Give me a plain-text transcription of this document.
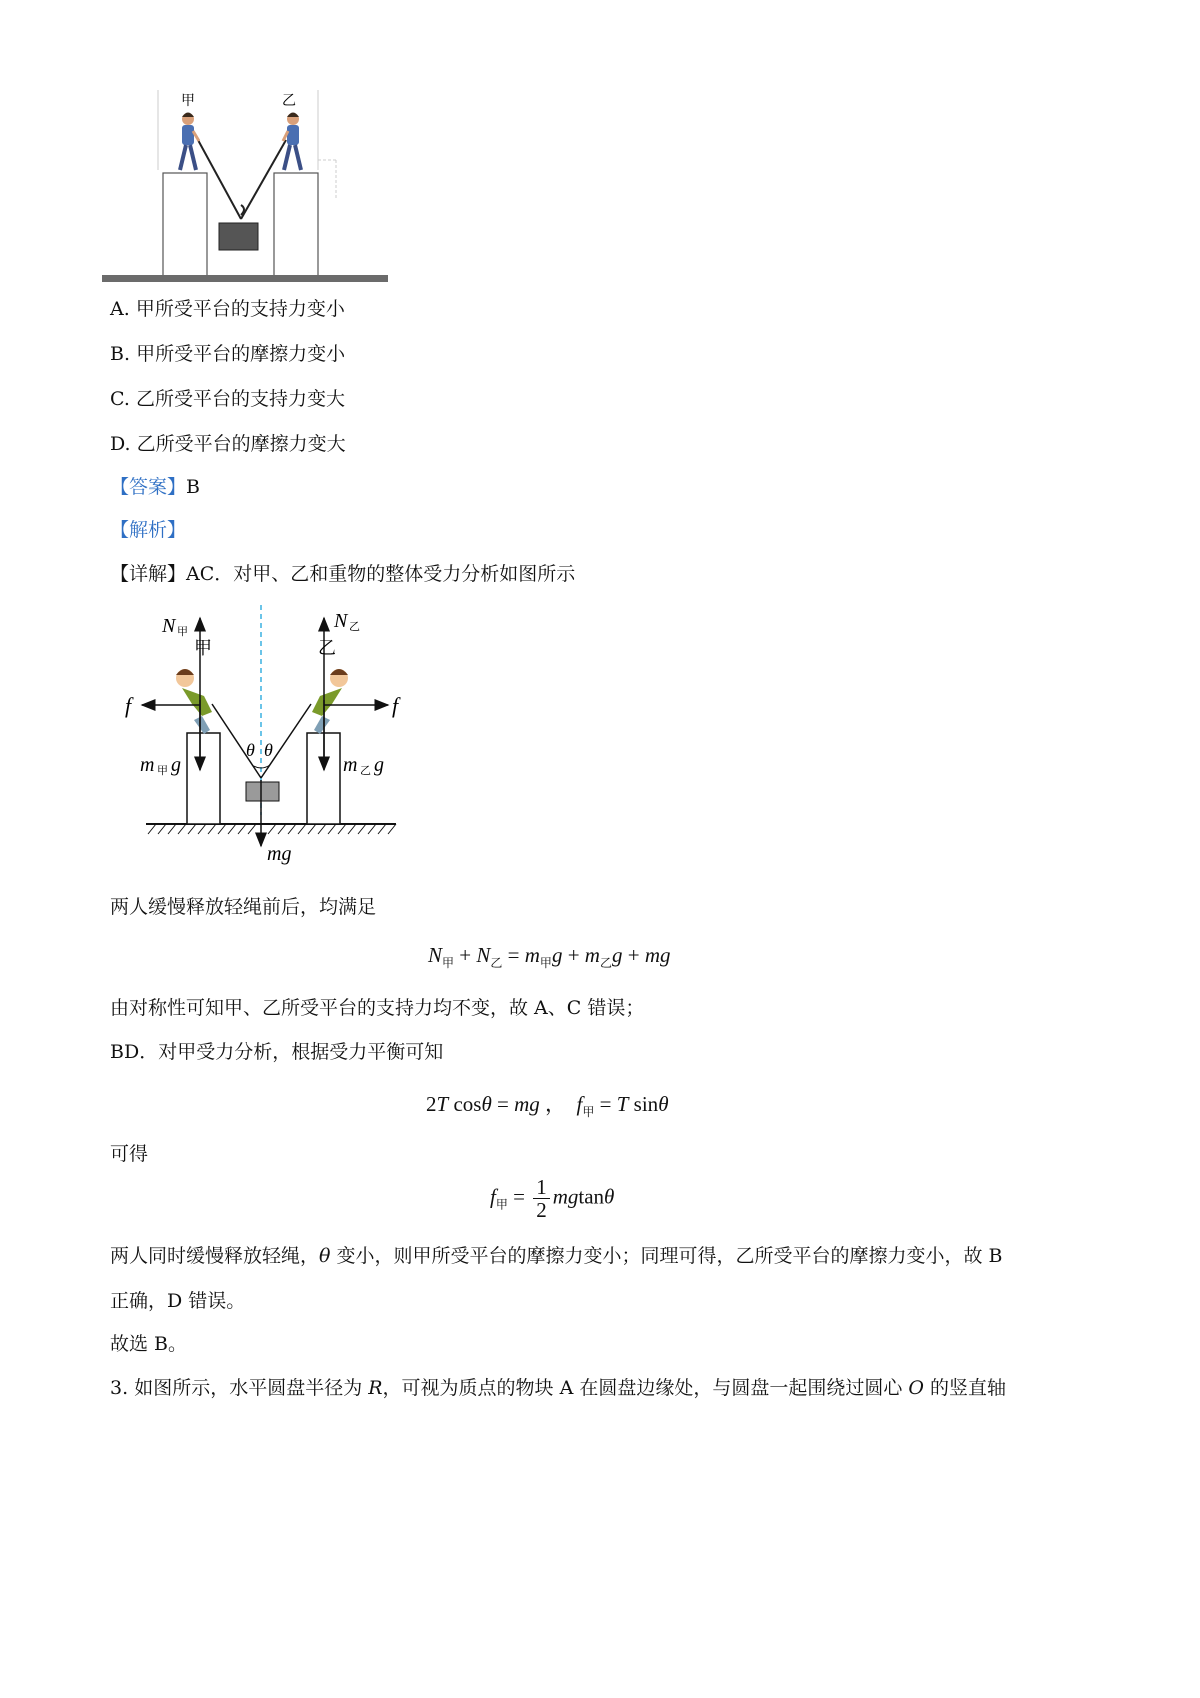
甲	乙
A. 甲所受平台的支持力变小
B. 甲所受平台的摩擦力变小
C. 乙所受平台的支持力变大
D. 乙所受平台的摩擦力变大
【答案】B
【解析】
【详解】AC．对甲、乙和重物的整体受力分析如图所示
N 甲
甲
N 乙
乙
f	f
m 甲 g	m 乙 g
θ θ
mg
两人缓慢释放轻绳前后，均满足
$N_甲 + N_乙 = m_甲g + m_乙g$ + mg
由对称性可知甲、乙所受平台的支持力均不变，故 A、C 错误；
BD．对甲受力分析，根据受力平衡可知
2T cosθ = mg ， $f_甲 = T$ sinθ
可得
$f_甲 = \frac{1}{2}$ mgtanθ
两人同时缓慢释放轻绳，θ 变小，则甲所受平台的摩擦力变小；同理可得，乙所受平台的摩擦力变小，故 B
正确，D 错误。
故选 B。
3. 如图所示，水平圆盘半径为 R，可视为质点的物块 A 在圆盘边缘处，与圆盘一起围绕过圆心 O 的竖直轴
